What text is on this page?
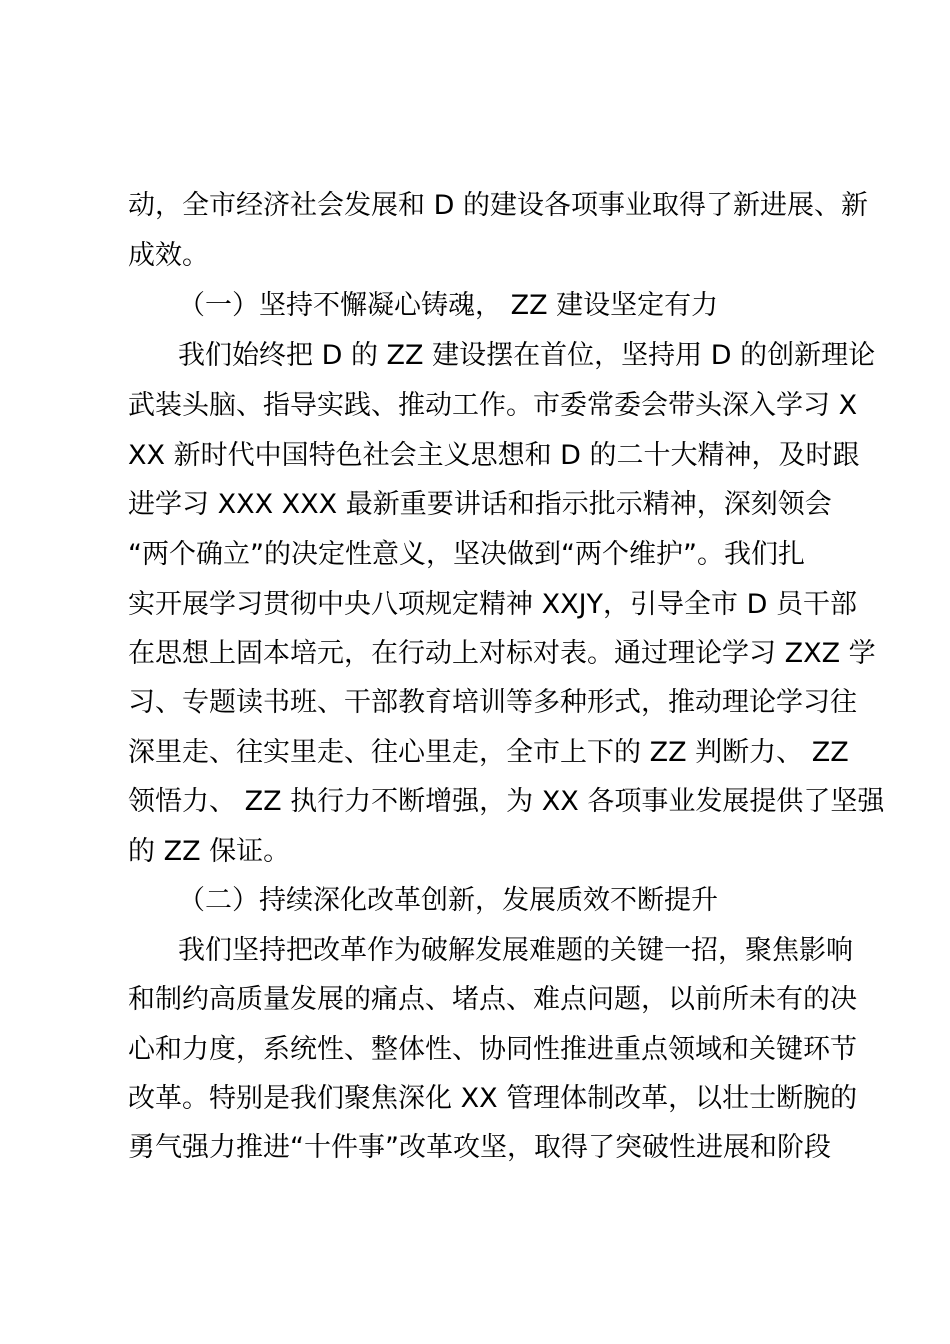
动，全市经济社会发展和 D 的建设各项事业取得了新进展、新
成效。
（一）坚持不懈凝心铸魂， ZZ 建设坚定有力
我们始终把 D 的 ZZ 建设摆在首位，坚持用 D 的创新理论
武装头脑、指导实践、推动工作。市委常委会带头深入学习 X
XX 新时代中国特色社会主义思想和 D 的二十大精神，及时跟
进学习 XXX XXX 最新重要讲话和指示批示精神，深刻领会
“两个确立”的决定性意义，坚决做到“两个维护”。我们扎
实开展学习贯彻中央八项规定精神 XXJY，引导全市 D 员干部
在思想上固本培元，在行动上对标对表。通过理论学习 ZXZ 学
习、专题读书班、干部教育培训等多种形式，推动理论学习往
深里走、往实里走、往心里走，全市上下的 ZZ 判断力、 ZZ
领悟力、 ZZ 执行力不断增强，为 XX 各项事业发展提供了坚强
的 ZZ 保证。
（二）持续深化改革创新，发展质效不断提升
我们坚持把改革作为破解发展难题的关键一招，聚焦影响
和制约高质量发展的痛点、堵点、难点问题，以前所未有的决
心和力度，系统性、整体性、协同性推进重点领域和关键环节
改革。特别是我们聚焦深化 XX 管理体制改革，以壮士断腕的
勇气强力推进“十件事”改革攻坚，取得了突破性进展和阶段
